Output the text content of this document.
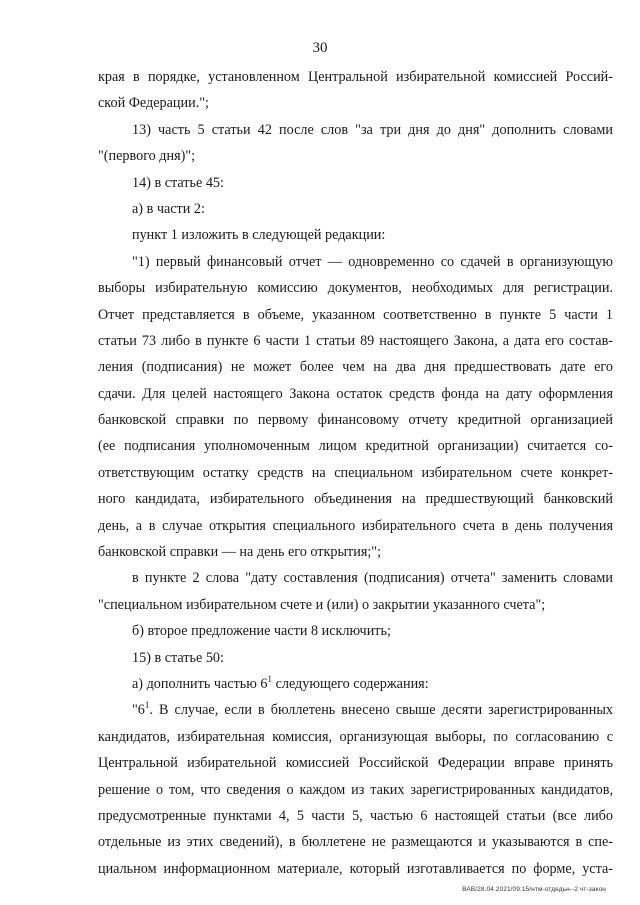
30
края в порядке, установленном Центральной избирательной комиссией Россий-
ской Федерации.";
13) часть 5 статьи 42 после слов "за три дня до дня" дополнить словами
"(первого дня)";
14) в статье 45:
а) в части 2:
пункт 1 изложить в следующей редакции:
"1) первый финансовый отчет — одновременно со сдачей в организующую
выборы избирательную комиссию документов, необходимых для регистрации.
Отчет представляется в объеме, указанном соответственно в пункте 5 части 1
статьи 73 либо в пункте 6 части 1 статьи 89 настоящего Закона, а дата его состав-
ления (подписания) не может более чем на два дня предшествовать дате его
сдачи. Для целей настоящего Закона остаток средств фонда на дату оформления
банковской справки по первому финансовому отчету кредитной организацией
(ее подписания уполномоченным лицом кредитной организации) считается со-
ответствующим остатку средств на специальном избирательном счете конкрет-
ного кандидата, избирательного объединения на предшествующий банковский
день, а в случае открытия специального избирательного счета в день получения
банковской справки — на день его открытия;";
в пункте 2 слова "дату составления (подписания) отчета" заменить словами
"специальном избирательном счете и (или) о закрытии указанного счета";
б) второе предложение части 8 исключить;
15) в статье 50:
а) дополнить частью $6^1$ следующего содержания:
"$6^1$. В случае, если в бюллетень внесено свыше десяти зарегистрированных
кандидатов, избирательная комиссия, организующая выборы, по согласованию с
Центральной избирательной комиссией Российской Федерации вправе принять
решение о том, что сведения о каждом из таких зарегистрированных кандидатов,
предусмотренные пунктами 4, 5 части 5, частью 6 настоящей статьи (все либо
отдельные из этих сведений), в бюллетене не размещаются и указываются в спе-
циальном информационном материале, который изготавливается по форме, уста-
ВАВ/28.04.2021/09:15/нтм-отдедьн--2 чт-закон
